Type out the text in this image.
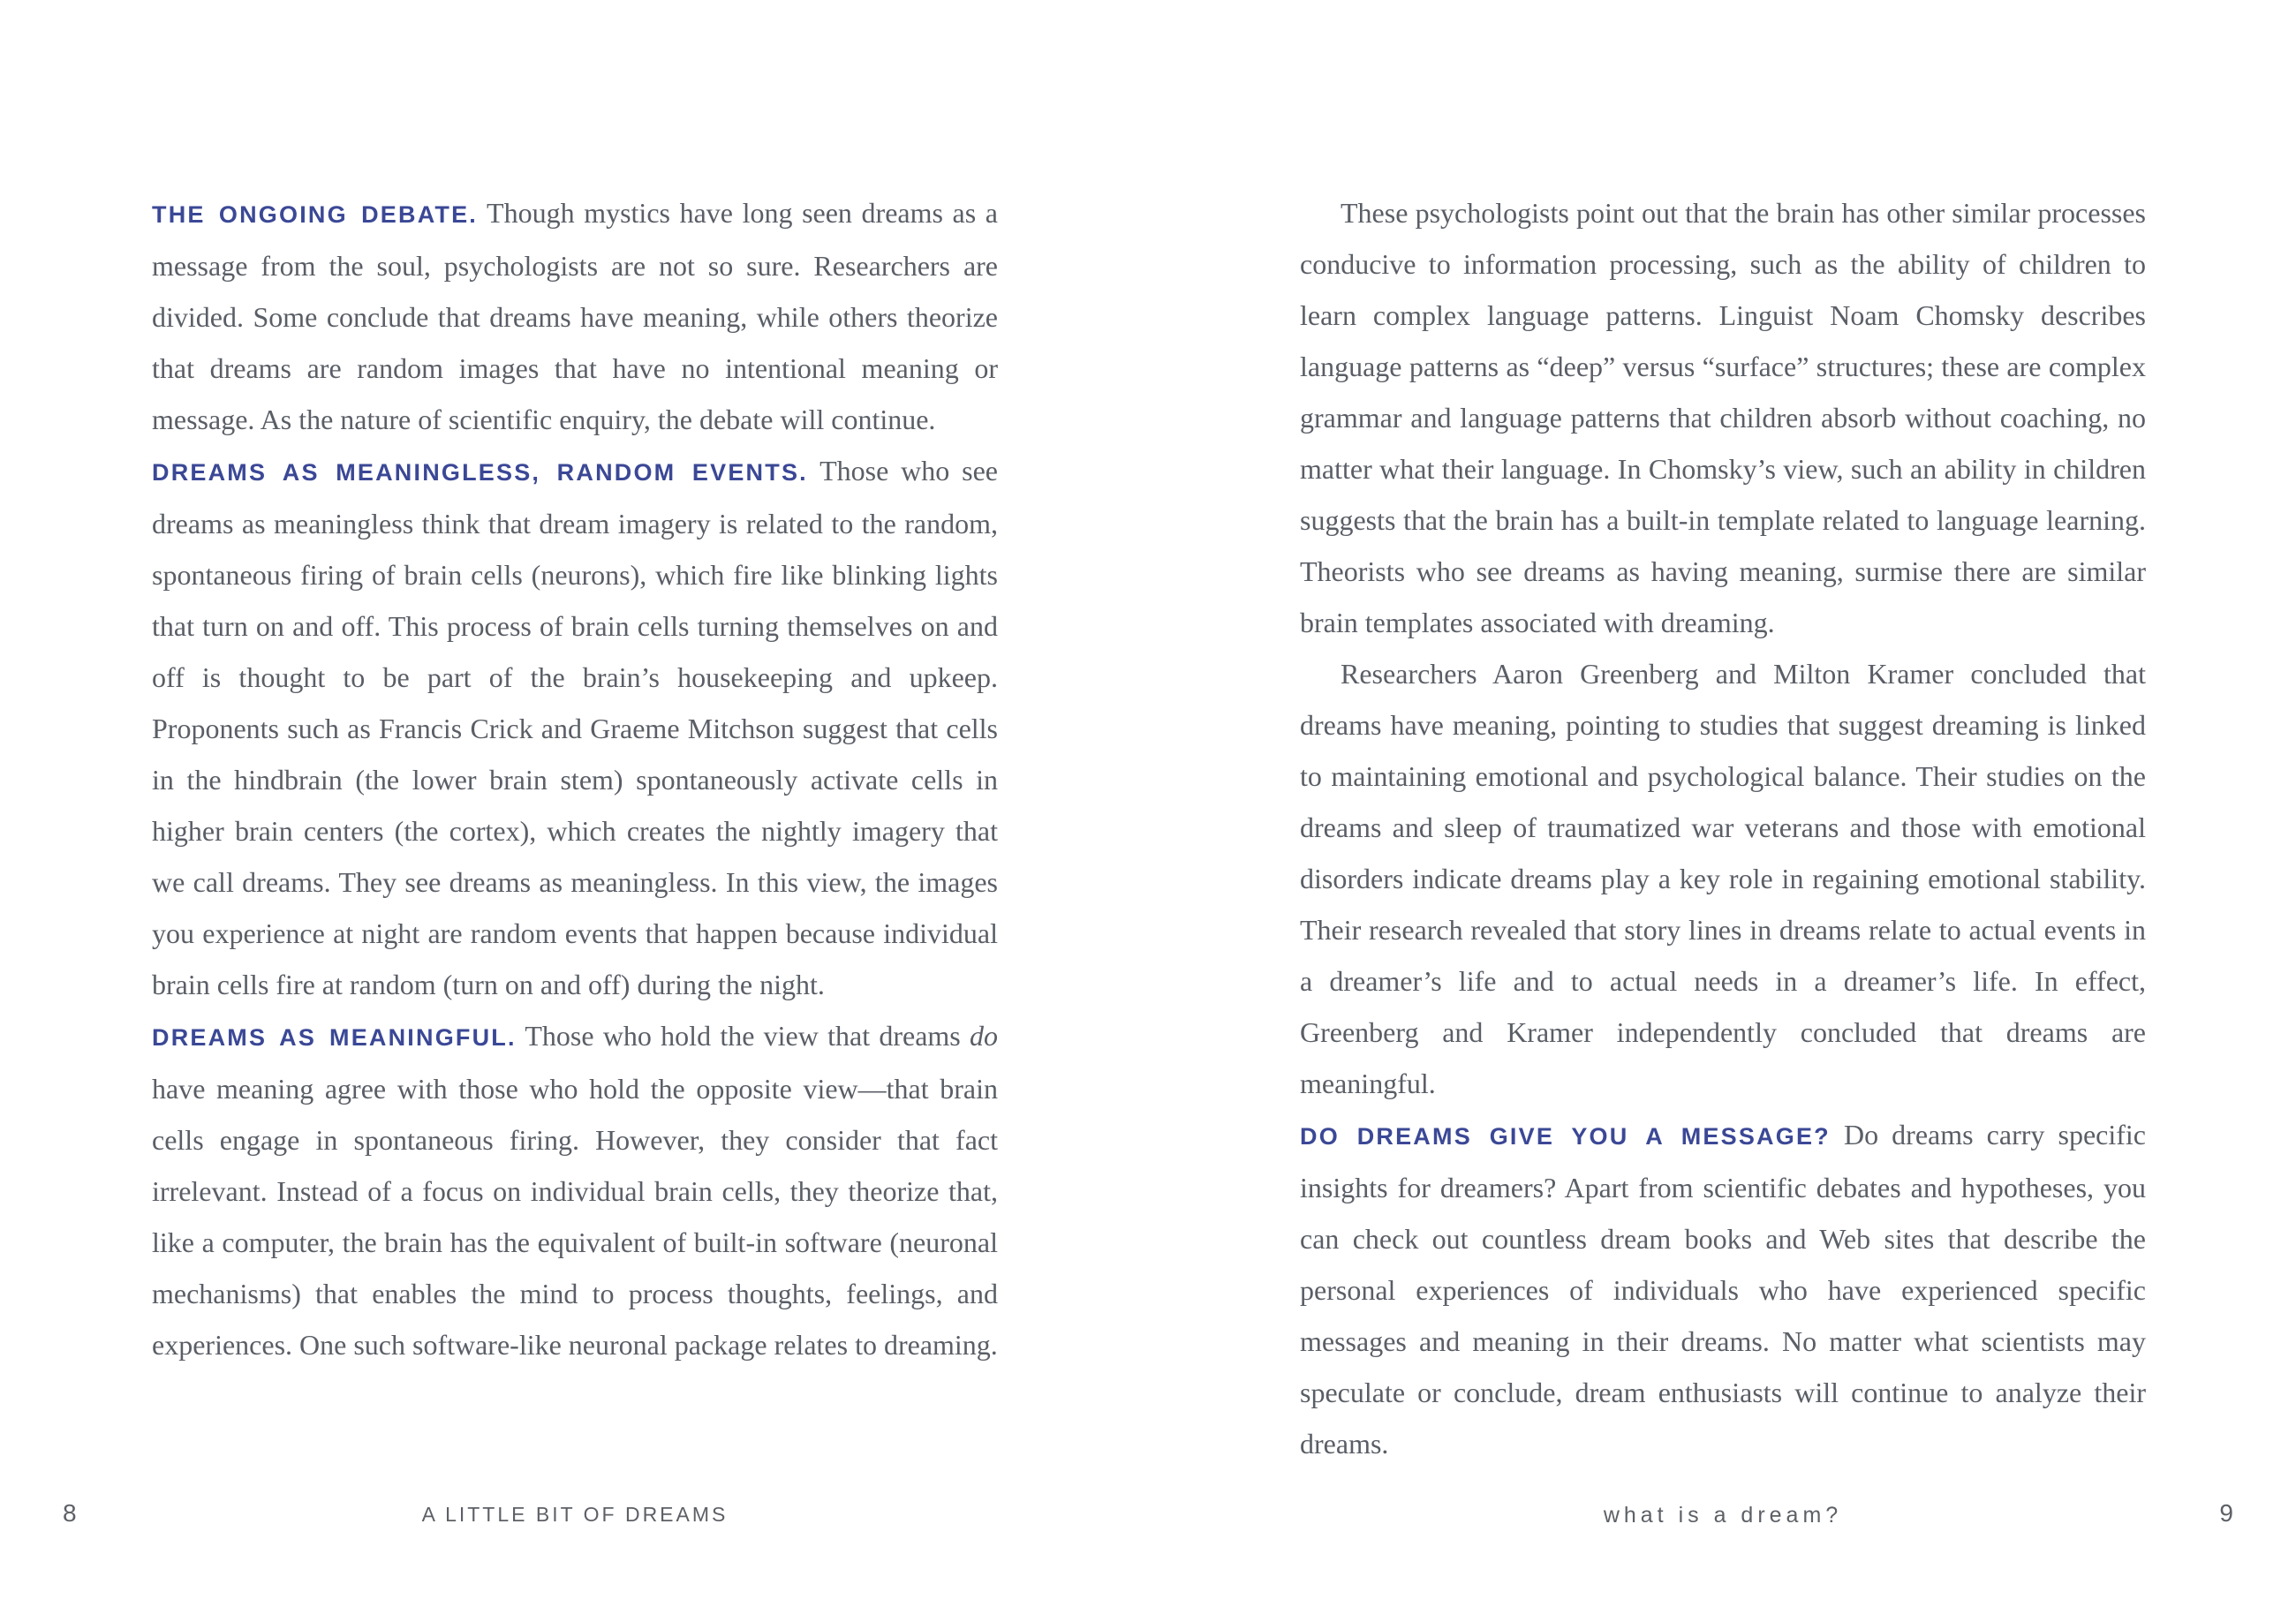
THE ONGOING DEBATE. Though mystics have long seen dreams as a message from the soul, psychologists are not so sure. Researchers are divided. Some conclude that dreams have meaning, while others theorize that dreams are random images that have no intentional meaning or message. As the nature of scientific enquiry, the debate will continue.

DREAMS AS MEANINGLESS, RANDOM EVENTS. Those who see dreams as meaningless think that dream imagery is related to the random, spontaneous firing of brain cells (neurons), which fire like blinking lights that turn on and off. This process of brain cells turning themselves on and off is thought to be part of the brain’s housekeeping and upkeep. Proponents such as Francis Crick and Graeme Mitchson suggest that cells in the hindbrain (the lower brain stem) spontaneously activate cells in higher brain centers (the cortex), which creates the nightly imagery that we call dreams. They see dreams as meaningless. In this view, the images you experience at night are random events that happen because individual brain cells fire at random (turn on and off) during the night.

DREAMS AS MEANINGFUL. Those who hold the view that dreams do have meaning agree with those who hold the opposite view—that brain cells engage in spontaneous firing. However, they consider that fact irrelevant. Instead of a focus on individual brain cells, they theorize that, like a computer, the brain has the equivalent of built-in software (neuronal mechanisms) that enables the mind to process thoughts, feelings, and experiences. One such software-like neuronal package relates to dreaming.

8	A LITTLE BIT OF DREAMS

These psychologists point out that the brain has other similar processes conducive to information processing, such as the ability of children to learn complex language patterns. Linguist Noam Chomsky describes language patterns as “deep” versus “surface” structures; these are complex grammar and language patterns that children absorb without coaching, no matter what their language. In Chomsky’s view, such an ability in children suggests that the brain has a built-in template related to language learning. Theorists who see dreams as having meaning, surmise there are similar brain templates associated with dreaming.

Researchers Aaron Greenberg and Milton Kramer concluded that dreams have meaning, pointing to studies that suggest dreaming is linked to maintaining emotional and psychological balance. Their studies on the dreams and sleep of traumatized war veterans and those with emotional disorders indicate dreams play a key role in regaining emotional stability. Their research revealed that story lines in dreams relate to actual events in a dreamer’s life and to actual needs in a dreamer’s life. In effect, Greenberg and Kramer independently concluded that dreams are meaningful.

DO DREAMS GIVE YOU A MESSAGE? Do dreams carry specific insights for dreamers? Apart from scientific debates and hypotheses, you can check out countless dream books and Web sites that describe the personal experiences of individuals who have experienced specific messages and meaning in their dreams. No matter what scientists may speculate or conclude, dream enthusiasts will continue to analyze their dreams.

what is a dream?	9
